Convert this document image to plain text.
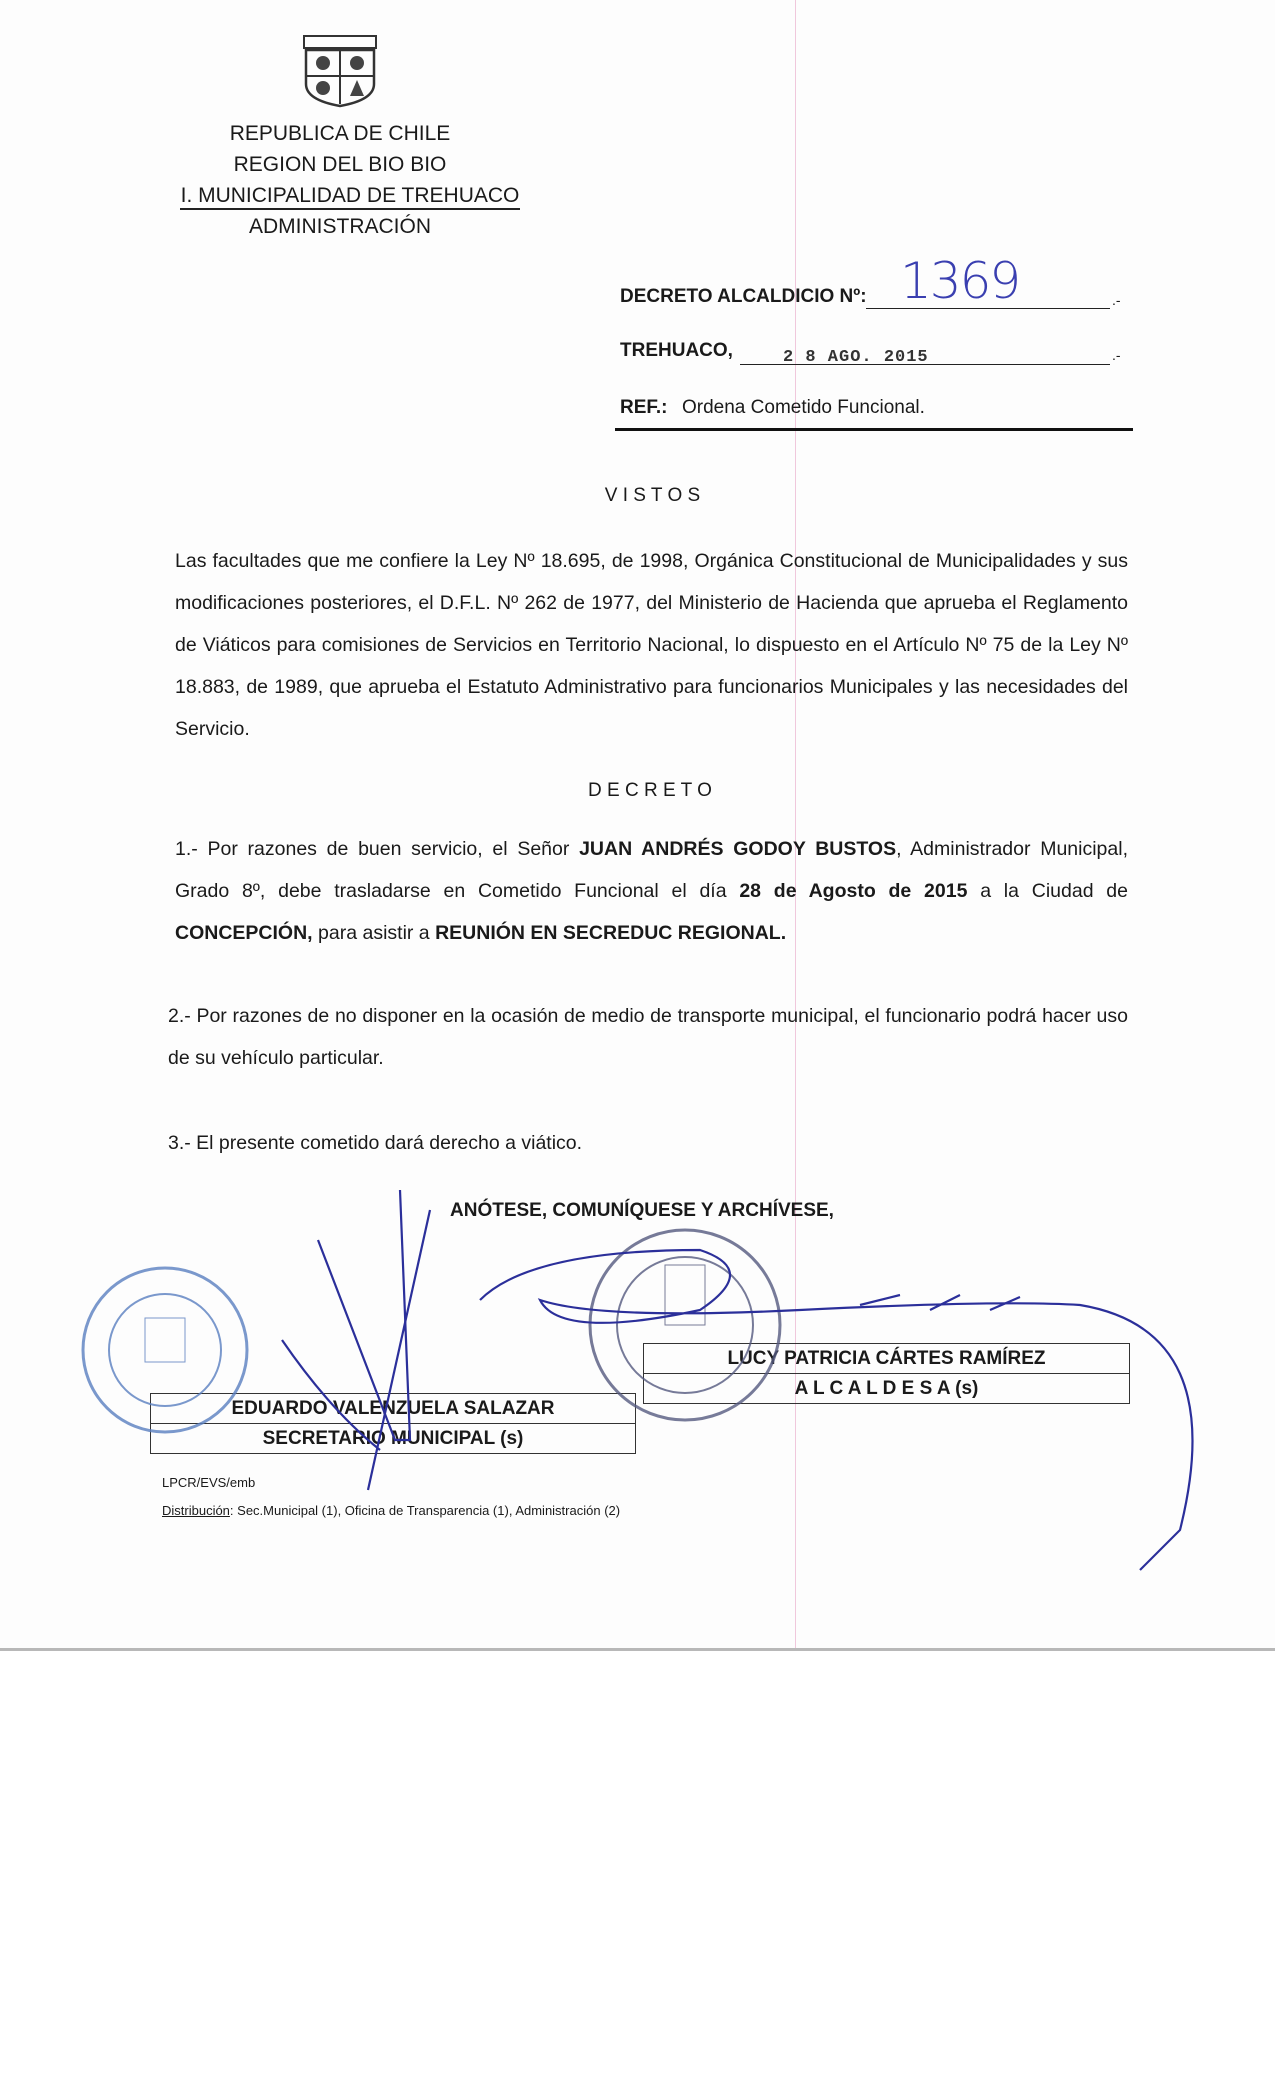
REPUBLICA DE CHILE
REGION DEL BIO BIO
I. MUNICIPALIDAD DE TREHUACO
ADMINISTRACIÓN
DECRETO ALCALDICIO Nº: 1369	.-
TREHUACO,	2 8 AGO. 2015	.-
REF.: Ordena Cometido Funcional.
V I S T O S
Las facultades que me confiere la Ley Nº 18.695, de 1998, Orgánica Constitucional de Municipalidades y sus modificaciones posteriores, el D.F.L. Nº 262 de 1977, del Ministerio de Hacienda que aprueba el Reglamento de Viáticos para comisiones de Servicios en Territorio Nacional, lo dispuesto en el Artículo Nº 75 de la Ley Nº 18.883, de 1989, que aprueba el Estatuto Administrativo para funcionarios Municipales y las necesidades del Servicio.
D E C R E T O
1.- Por razones de buen servicio, el Señor JUAN ANDRÉS GODOY BUSTOS, Administrador Municipal, Grado 8º, debe trasladarse en Cometido Funcional el día 28 de Agosto de 2015 a la Ciudad de CONCEPCIÓN, para asistir a REUNIÓN EN SECREDUC REGIONAL.
2.- Por razones de no disponer en la ocasión de medio de transporte municipal, el funcionario podrá hacer uso de su vehículo particular.
3.- El presente cometido dará derecho a viático.
ANÓTESE, COMUNÍQUESE Y ARCHÍVESE,
LUCY PATRICIA CÁRTES RAMÍREZ
A L C A L D E S A (s)
EDUARDO VALENZUELA SALAZAR
SECRETARIO MUNICIPAL (s)
LPCR/EVS/emb
Distribución: Sec.Municipal (1), Oficina de Transparencia (1), Administración (2)
